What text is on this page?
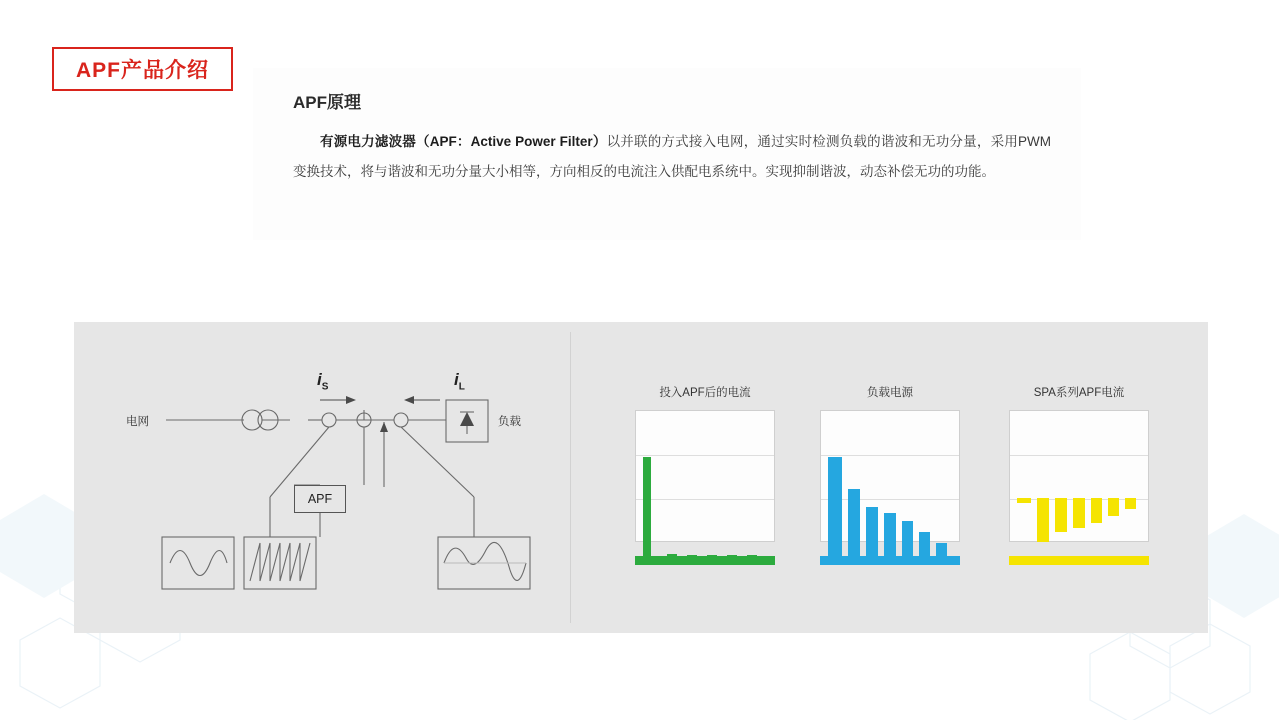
APF产品介绍
APF原理

有源电力滤波器（APF：Active Power Filter）以并联的方式接入电网，通过实时检测负载的谐波和无功分量，采用PWM变换技术，将与谐波和无功分量大小相等，方向相反的电流注入供配电系统中。实现抑制谐波，动态补偿无功的功能。

电网	负载
$i_S$	$i_L$
APF
投入APF后的电流	负载电源	SPA系列APF电流
